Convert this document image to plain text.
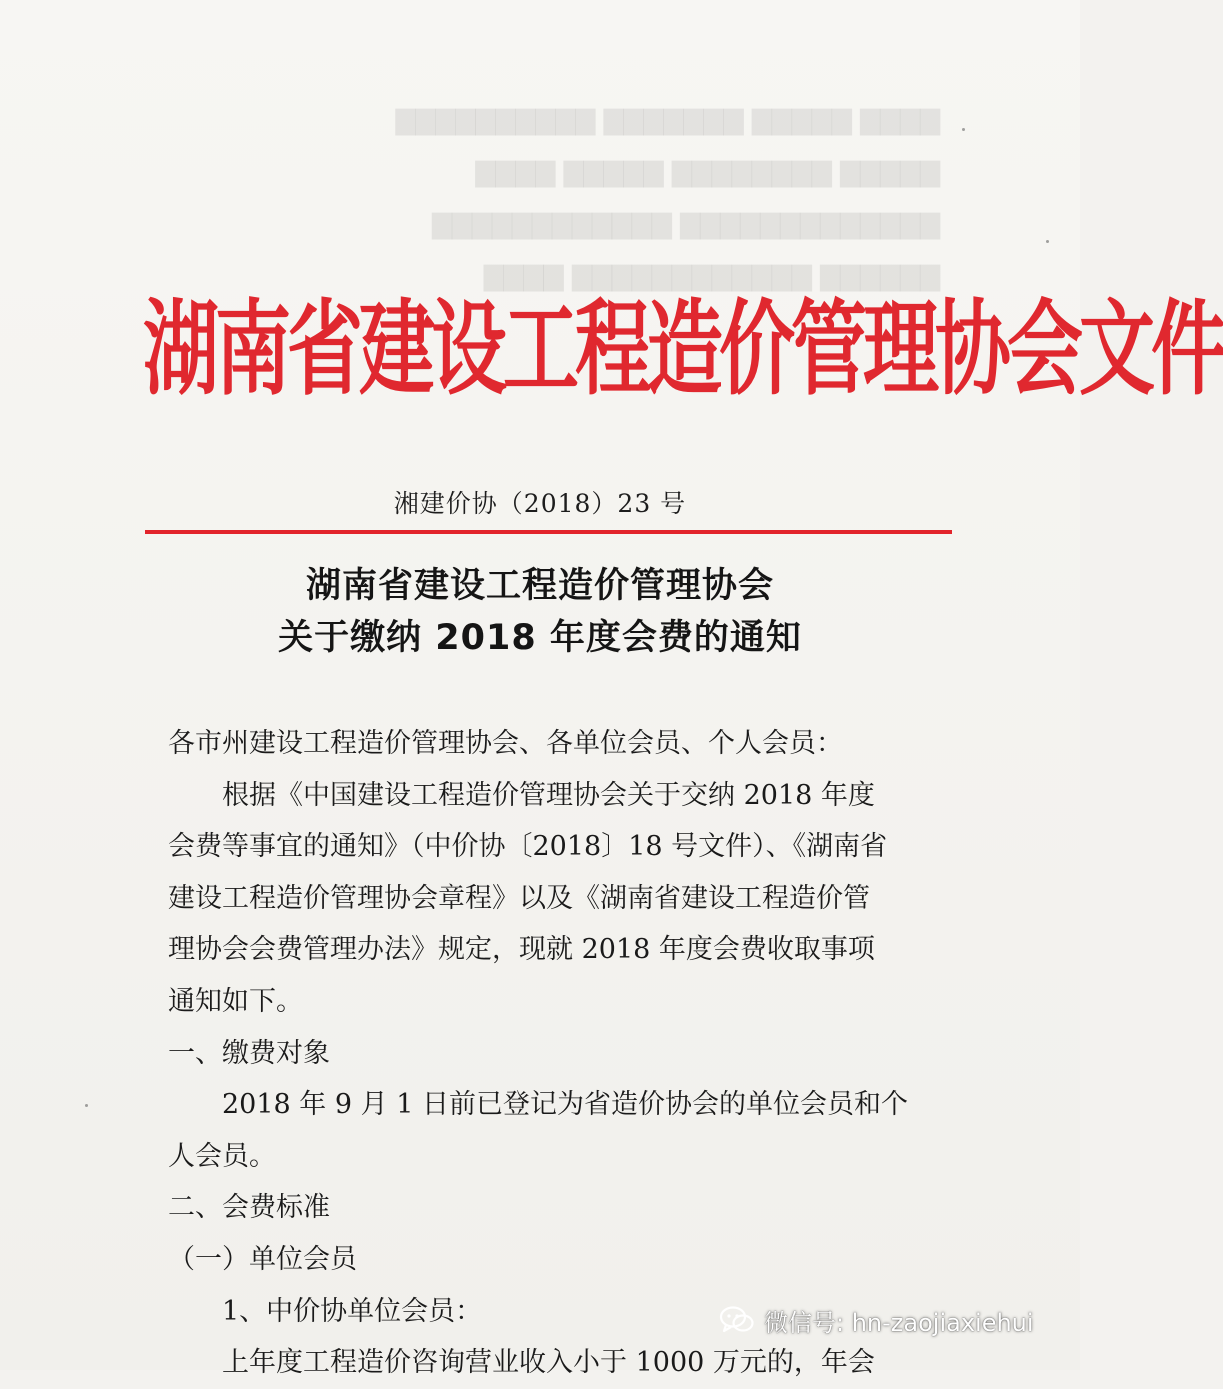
▇▇▇▇ ▇▇▇▇▇ ▇▇▇▇▇▇▇ ▇▇▇▇▇▇▇▇▇▇
▇▇▇▇▇ ▇▇▇▇▇▇▇▇ ▇▇▇▇▇ ▇▇▇▇
▇▇▇▇▇▇▇▇▇▇▇▇▇ ▇▇▇▇▇▇▇▇▇▇▇▇
▇▇▇▇▇▇ ▇▇▇▇▇▇▇▇▇▇▇▇ ▇▇▇▇
湖南省建设工程造价管理协会文件
湘建价协（2018）23 号
湖南省建设工程造价管理协会
关于缴纳 2018 年度会费的通知

各市州建设工程造价管理协会、各单位会员、个人会员：

根据《中国建设工程造价管理协会关于交纳 2018 年度

会费等事宜的通知》（中价协〔2018〕18 号文件）、《湖南省

建设工程造价管理协会章程》以及《湖南省建设工程造价管

理协会会费管理办法》规定，现就 2018 年度会费收取事项

通知如下。

一、缴费对象

2018 年 9 月 1 日前已登记为省造价协会的单位会员和个

人会员。

二、会费标准

（一）单位会员

1、中价协单位会员：

上年度工程造价咨询营业收入小于 1000 万元的，年会

微信号: hn-zaojiaxiehui
